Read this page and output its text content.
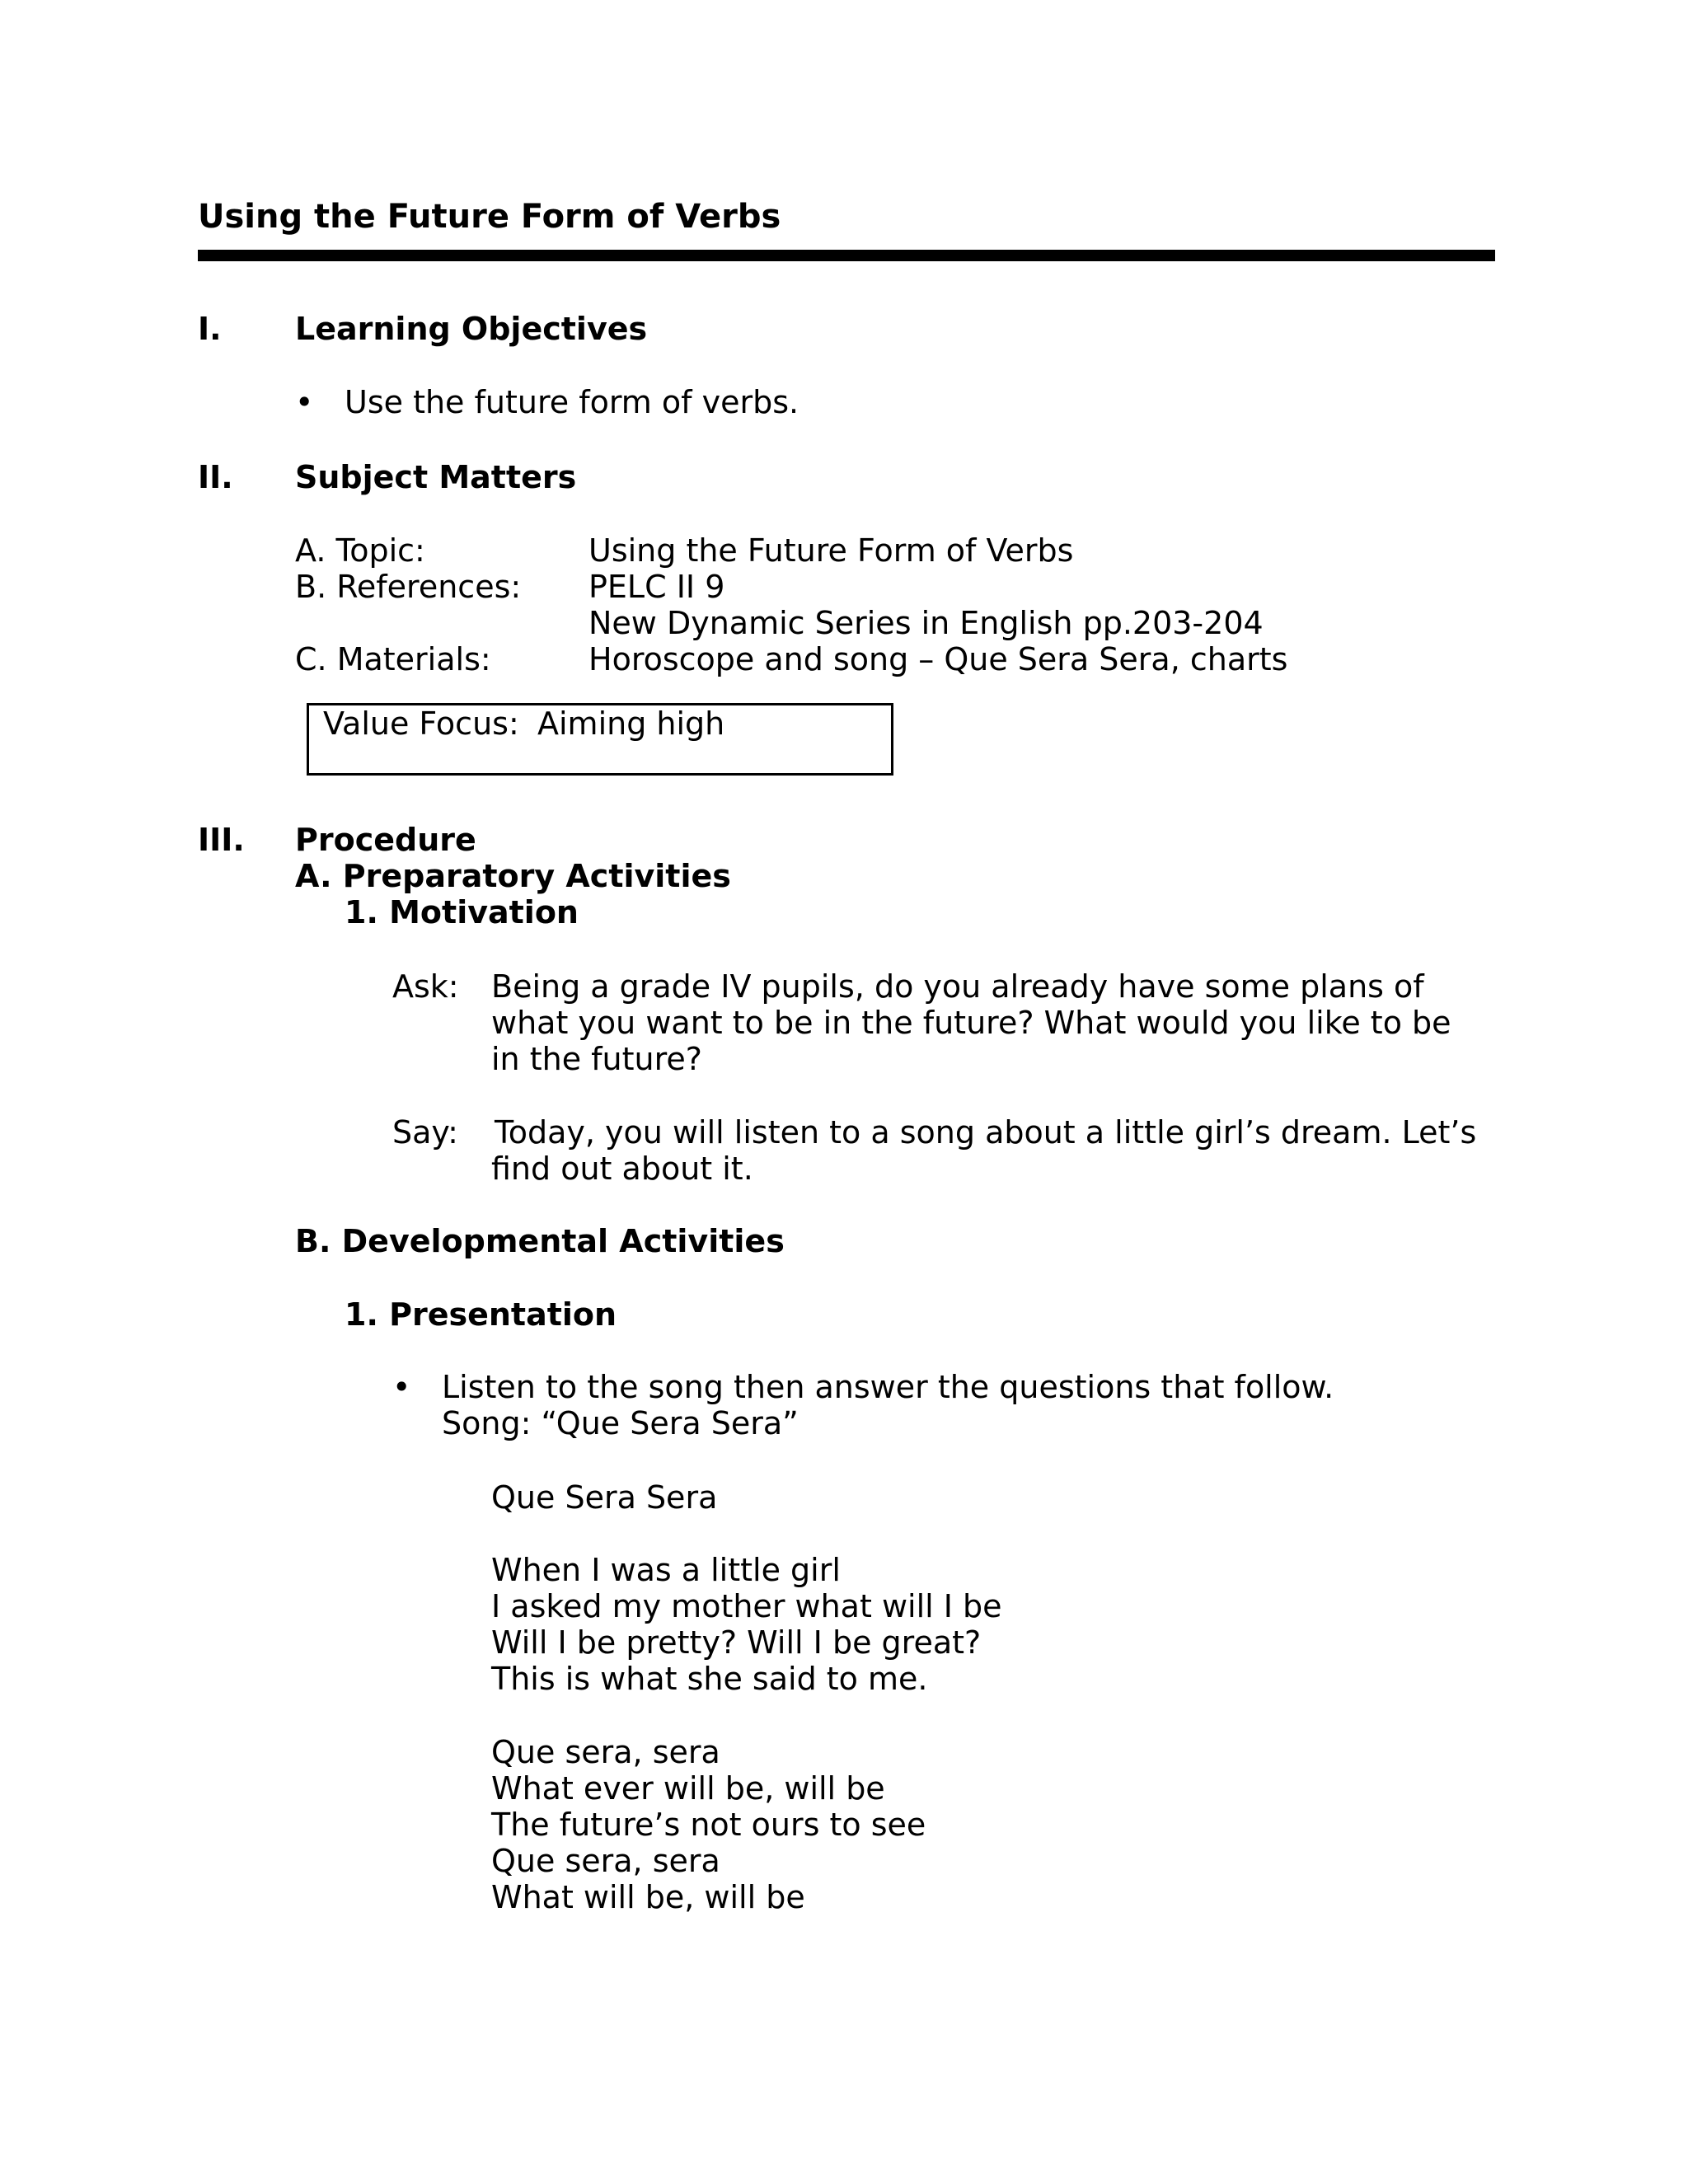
Using the Future Form of Verbs
I. Learning Objectives
• Use the future form of verbs.
II. Subject Matters
A. Topic:	Using the Future Form of Verbs
B. References: PELC II 9
New Dynamic Series in English pp.203-204
C. Materials:	Horoscope and song – Que Sera Sera, charts
Value Focus: Aiming high
III. Procedure
A. Preparatory Activities
1. Motivation
Ask: Being a grade IV pupils, do you already have some plans of
what you want to be in the future? What would you like to be
in the future?
Say: Today, you will listen to a song about a little girl’s dream. Let’s
find out about it.
B. Developmental Activities
1. Presentation
• Listen to the song then answer the questions that follow.
Song: “Que Sera Sera”
Que Sera Sera
When I was a little girl
I asked my mother what will I be
Will I be pretty? Will I be great?
This is what she said to me.
Que sera, sera
What ever will be, will be
The future’s not ours to see
Que sera, sera
What will be, will be
